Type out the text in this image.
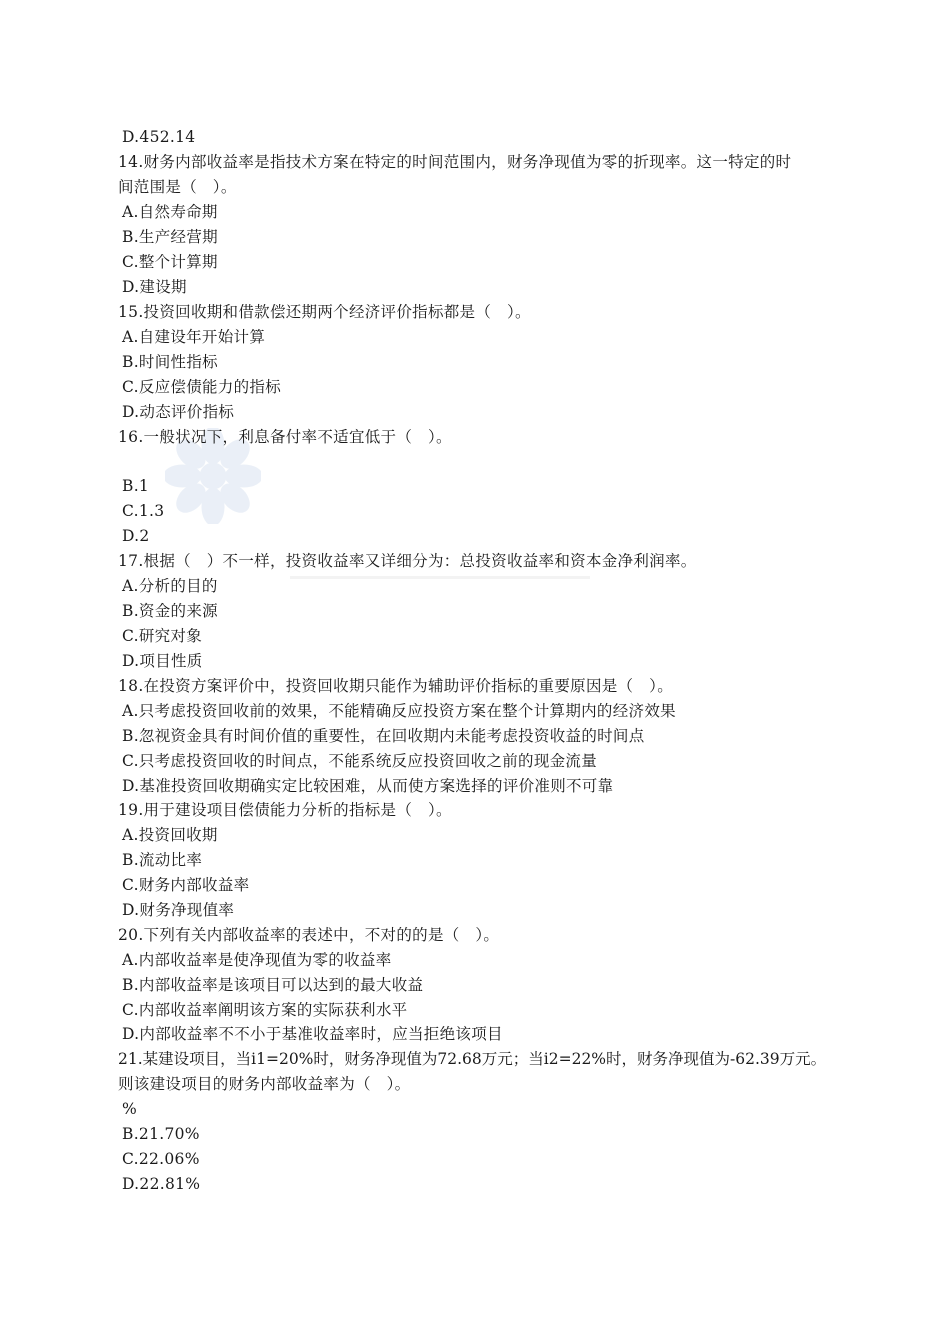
D.452.14
14.财务内部收益率是指技术方案在特定的时间范围内，财务净现值为零的折现率。这一特定的时
间范围是（　）。
A.自然寿命期
B.生产经营期
C.整个计算期
D.建设期
15.投资回收期和借款偿还期两个经济评价指标都是（　）。
A.自建设年开始计算
B.时间性指标
C.反应偿债能力的指标
D.动态评价指标
16.一般状况下，利息备付率不适宜低于（　）。
B.1
C.1.3
D.2
17.根据（　）不一样，投资收益率又详细分为：总投资收益率和资本金净利润率。
A.分析的目的
B.资金的来源
C.研究对象
D.项目性质
18.在投资方案评价中，投资回收期只能作为辅助评价指标的重要原因是（　）。
A.只考虑投资回收前的效果，不能精确反应投资方案在整个计算期内的经济效果
B.忽视资金具有时间价值的重要性，在回收期内未能考虑投资收益的时间点
C.只考虑投资回收的时间点，不能系统反应投资回收之前的现金流量
D.基准投资回收期确实定比较困难，从而使方案选择的评价准则不可靠
19.用于建设项目偿债能力分析的指标是（　）。
A.投资回收期
B.流动比率
C.财务内部收益率
D.财务净现值率
20.下列有关内部收益率的表述中，不对的的是（　）。
A.内部收益率是使净现值为零的收益率
B.内部收益率是该项目可以达到的最大收益
C.内部收益率阐明该方案的实际获利水平
D.内部收益率不不小于基准收益率时，应当拒绝该项目
21.某建设项目，当i1=20%时，财务净现值为72.68万元；当i2=22%时，财务净现值为-62.39万元。
则该建设项目的财务内部收益率为（　）。
%
B.21.70%
C.22.06%
D.22.81%
